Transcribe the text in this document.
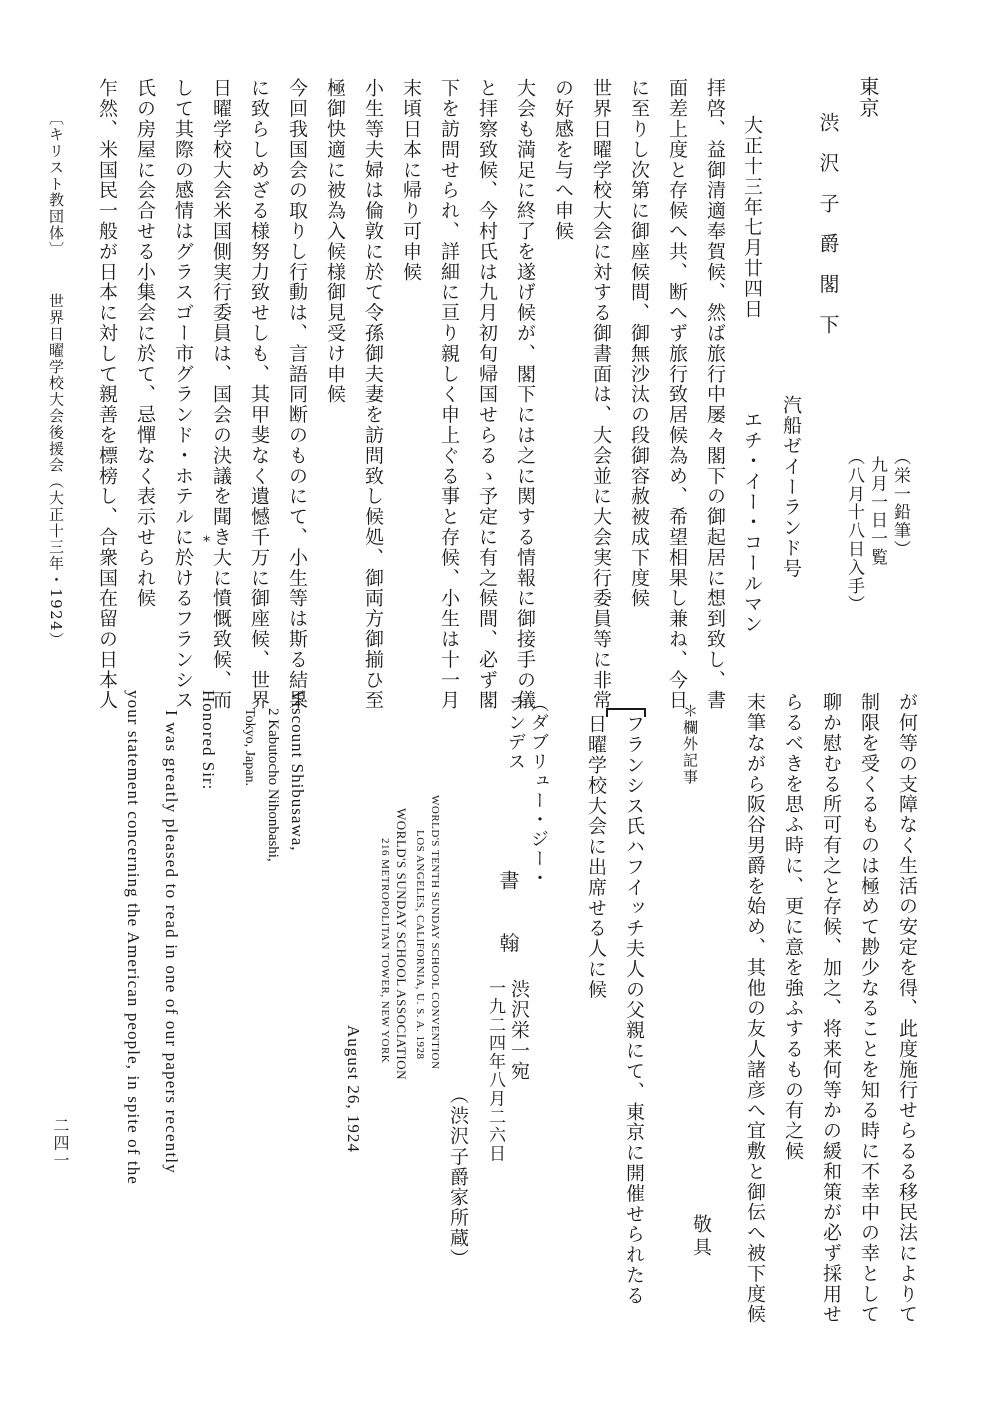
東京
渋 沢 子 爵 閣 下
（栄一鉛筆）
九月一日一覧
（八月十八日入手）
大正十三年七月廿四日
汽船ゼイーランド号
エチ・イー・コールマン
拝啓、益御清適奉賀候、然ば旅行中屡々閣下の御起居に想到致し、書
面差上度と存候へ共、断へず旅行致居候為め、希望相果し兼ね、今日
に至りし次第に御座候間、御無沙汰の段御容赦被成下度候
世界日曜学校大会に対する御書面は、大会並に大会実行委員等に非常
の好感を与へ申候
大会も満足に終了を遂げ候が、閣下には之に関する情報に御接手の儀
と拝察致候、今村氏は九月初旬帰国せらるゝ予定に有之候間、必ず閣
下を訪問せられ、詳細に亘り親しく申上ぐる事と存候、小生は十一月
末頃日本に帰り可申候
小生等夫婦は倫敦に於て令孫御夫妻を訪問致し候処、御両方御揃ひ至
極御快適に被為入候様御見受け申候
今回我国会の取りし行動は、言語同断のものにて、小生等は斯る結果
に致らしめざる様努力致せしも、其甲斐なく遺憾千万に御座候、世界
日曜学校大会米国側実行委員は、国会の決議を聞き大に憤慨致候、而
して其際の感情はグラスゴー市グランド・ホテルに於けるフランシス
氏の房屋に会合せる小集会に於て、忌憚なく表示せられ候
乍然、米国民一般が日本に対して親善を標榜し、合衆国在留の日本人	*
〔キリスト教団体〕
世界日曜学校大会後援会（大正十三年・1924）
が何等の支障なく生活の安定を得、此度施行せらるる移民法によりて
制限を受くるものは極めて尠少なることを知る時に不幸中の幸として
聊か慰むる所可有之と存候、加之、将来何等かの緩和策が必ず採用せ
らるべきを思ふ時に、更に意を強ふするもの有之候
末筆ながら阪谷男爵を始め、其他の友人諸彦へ宜敷と御伝へ被下度候
敬具
＊欄外記事
フランシス氏ハフイッチ夫人の父親にて、東京に開催せられたる
日曜学校大会に出席せる人に候
（ダブリュー・ジー・
ランデス
書 翰
渋沢栄一宛
一九二四年八月二六日
（渋沢子爵家所蔵）
WORLD'S TENTH SUNDAY SCHOOL CONVENTION
LOS ANGELES, CALIFORNIA, U. S. A. 1928
WORLD'S SUNDAY SCHOOL ASSOCIATION
216 METROPOLITAN TOWER, NEW YORK
August 26, 1924
Viscount Shibusawa,
2 Kabutocho Nihonbashi,
Tokyo, Japan.
Honored Sir:
I was greatly pleased to read in one of our papers recently
your statement concerning the American people, in spite of the
二四一
